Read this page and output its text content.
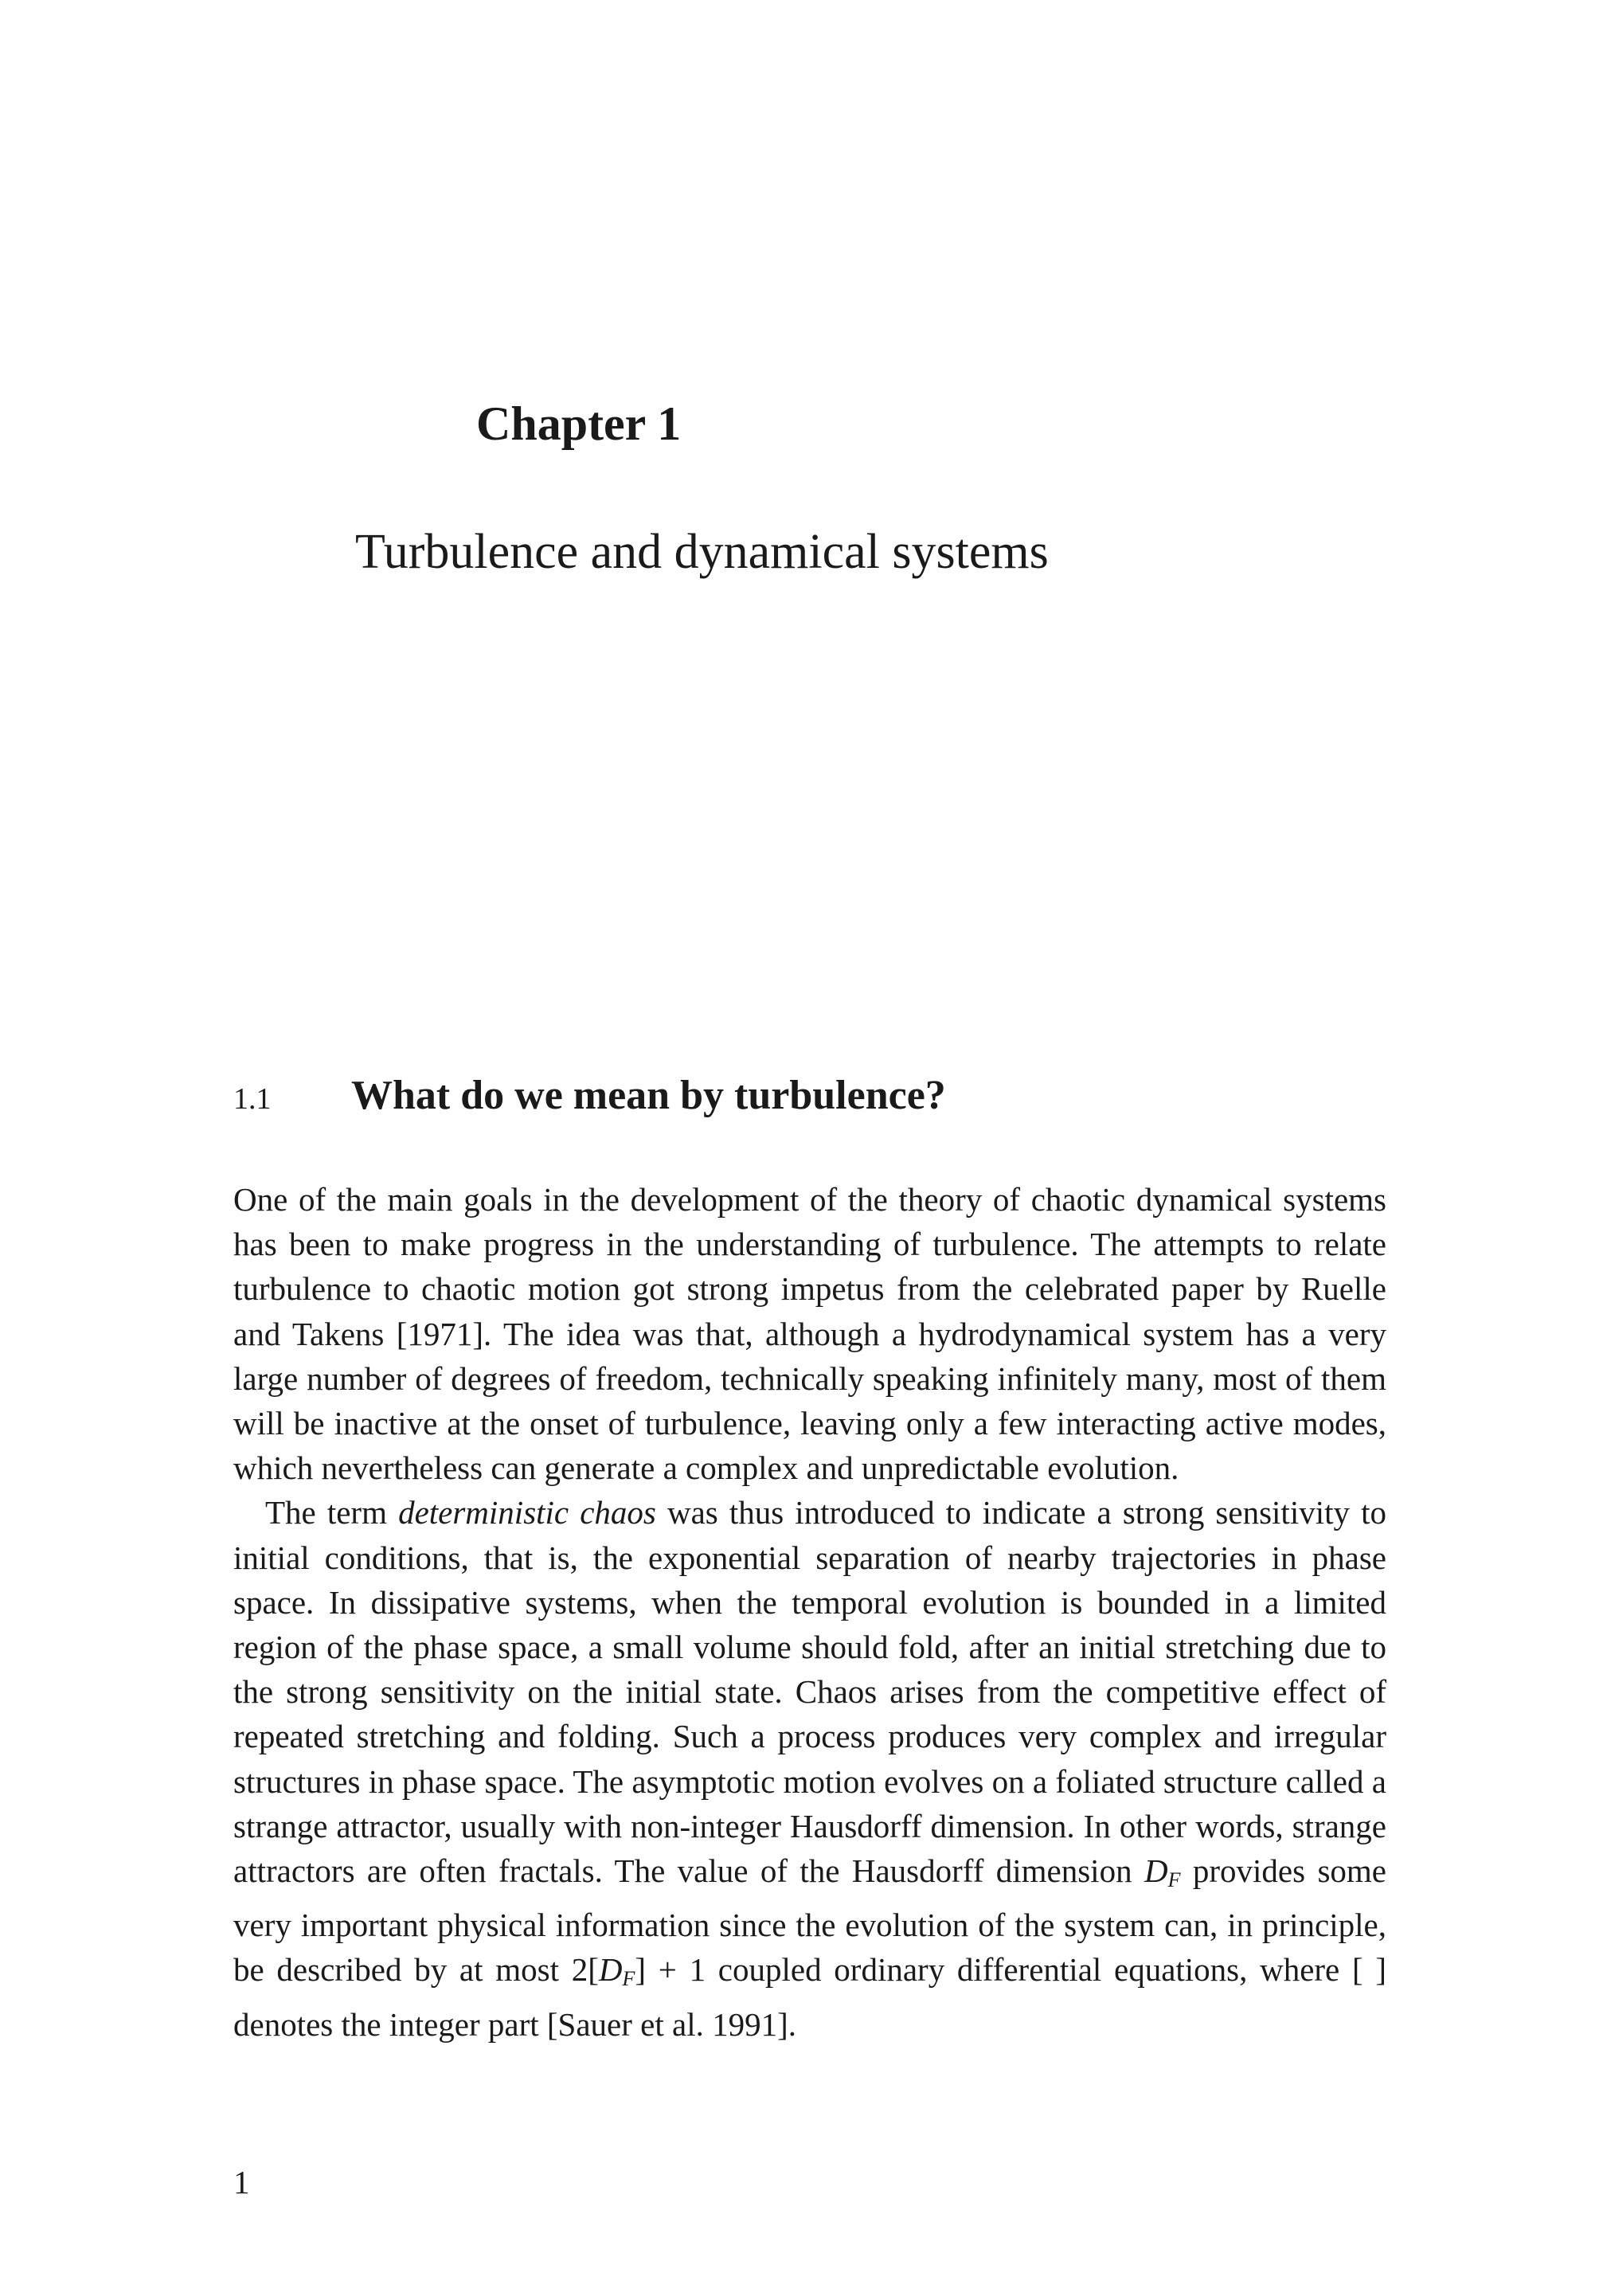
Chapter 1
Turbulence and dynamical systems
1.1 What do we mean by turbulence?

One of the main goals in the development of the theory of chaotic dynamical systems has been to make progress in the understanding of turbulence. The attempts to relate turbulence to chaotic motion got strong impetus from the celebrated paper by Ruelle and Takens [1971]. The idea was that, although a hydrodynamical system has a very large number of degrees of freedom, technically speaking infinitely many, most of them will be inactive at the onset of turbulence, leaving only a few interacting active modes, which nevertheless can generate a complex and unpredictable evolution.

The term deterministic chaos was thus introduced to indicate a strong sensitivity to initial conditions, that is, the exponential separation of nearby trajectories in phase space. In dissipative systems, when the temporal evolution is bounded in a limited region of the phase space, a small volume should fold, after an initial stretching due to the strong sensitivity on the initial state. Chaos arises from the competitive effect of repeated stretching and folding. Such a process produces very complex and irregular structures in phase space. The asymptotic motion evolves on a foliated structure called a strange attractor, usually with non-integer Hausdorff dimension. In other words, strange attractors are often fractals. The value of the Hausdorff dimension $D_F$ provides some very important physical information since the evolution of the system can, in principle, be described by at most $2[D_F] + 1$ coupled ordinary differential equations, where [ ] denotes the integer part [Sauer et al. 1991].

1
